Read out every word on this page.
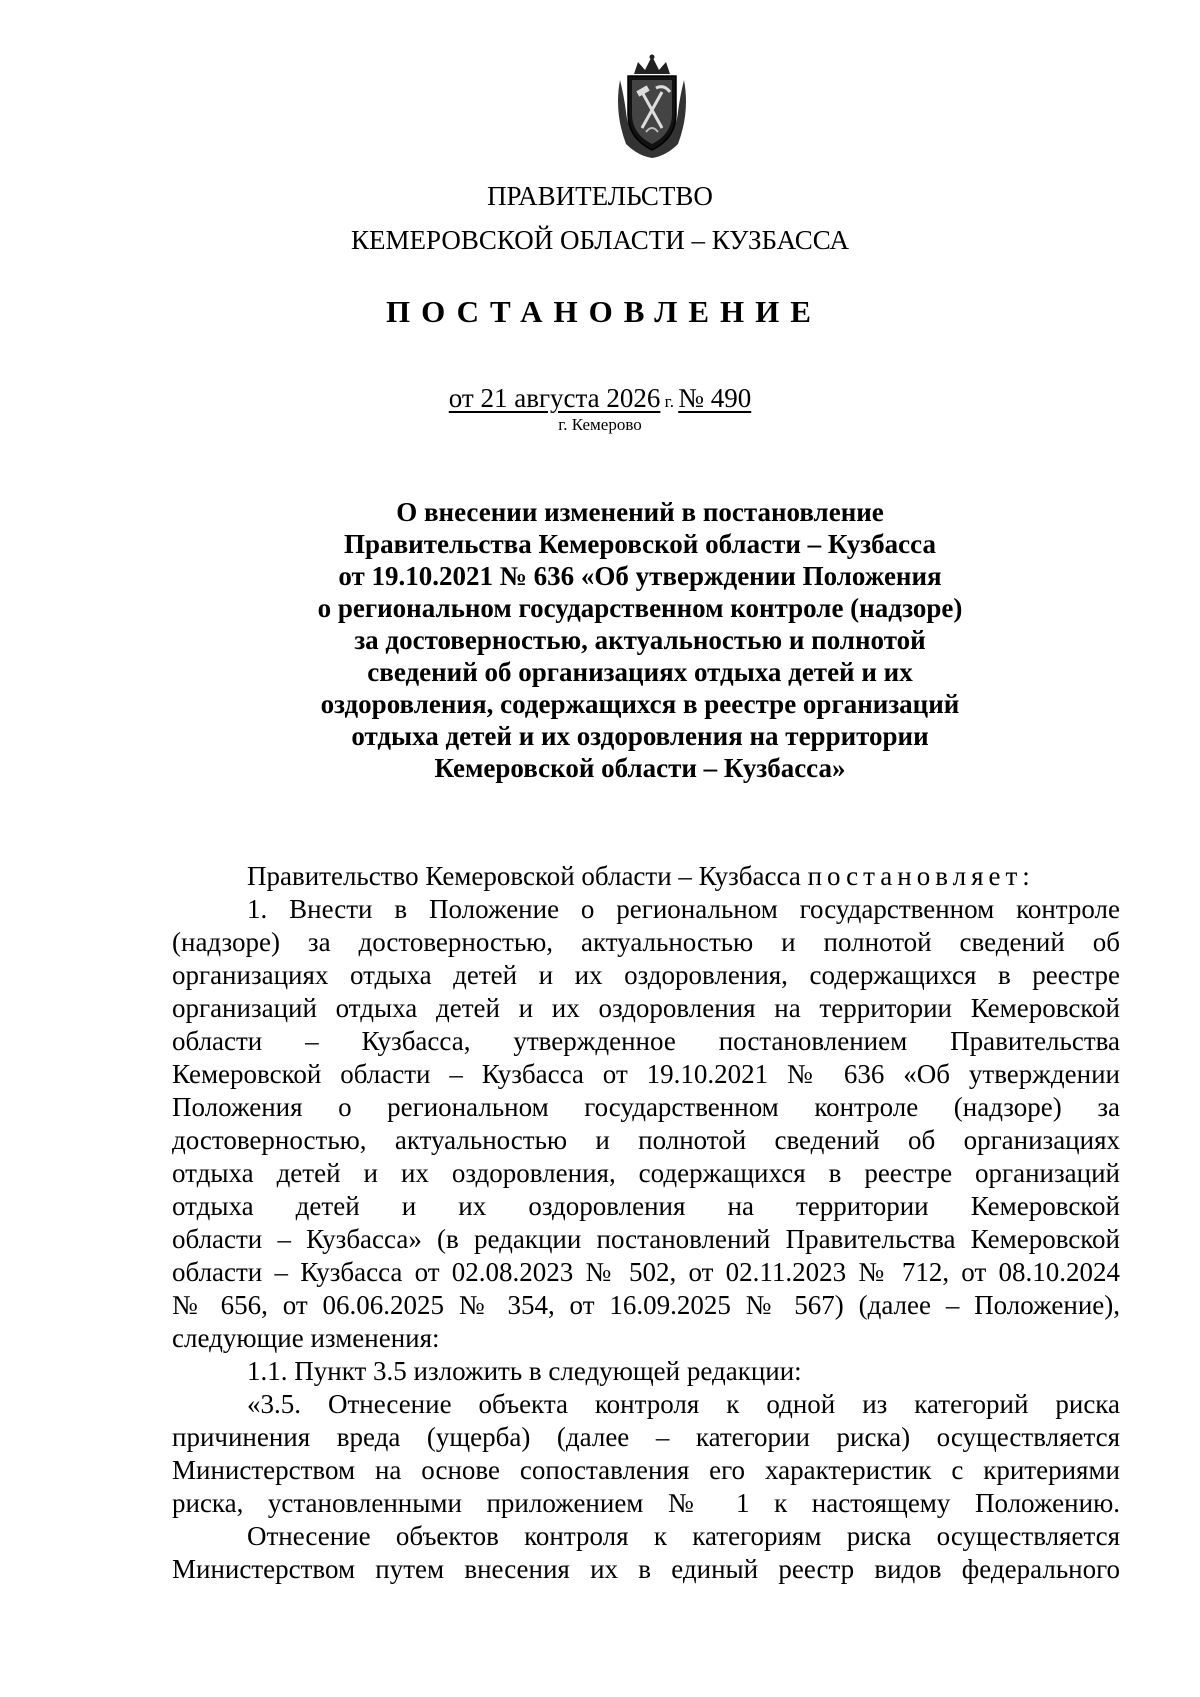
ПРАВИТЕЛЬСТВО
КЕМЕРОВСКОЙ ОБЛАСТИ – КУЗБАССА
ПОСТАНОВЛЕНИЕ
от 21 августа 2026 г. № 490
г. Кемерово
О внесении изменений в постановление
Правительства Кемеровской области – Кузбасса
от 19.10.2021 № 636 «Об утверждении Положения
о региональном государственном контроле (надзоре)
за достоверностью, актуальностью и полнотой
сведений об организациях отдыха детей и их
оздоровления, содержащихся в реестре организаций
отдыха детей и их оздоровления на территории
Кемеровской области – Кузбасса»
Правительство Кемеровской области – Кузбасса постановляет:
1. Внести в Положение о региональном государственном контроле
(надзоре) за достоверностью, актуальностью и полнотой сведений об
организациях отдыха детей и их оздоровления, содержащихся в реестре
организаций отдыха детей и их оздоровления на территории Кемеровской
области – Кузбасса, утвержденное постановлением Правительства
Кемеровской области – Кузбасса от 19.10.2021 № 636 «Об утверждении
Положения о региональном государственном контроле (надзоре) за
достоверностью, актуальностью и полнотой сведений об организациях
отдыха детей и их оздоровления, содержащихся в реестре организаций
отдыха детей и их оздоровления на территории Кемеровской
области – Кузбасса» (в редакции постановлений Правительства Кемеровской
области – Кузбасса от 02.08.2023 № 502, от 02.11.2023 № 712, от 08.10.2024
№ 656, от 06.06.2025 № 354, от 16.09.2025 № 567) (далее – Положение),
следующие изменения:
1.1. Пункт 3.5 изложить в следующей редакции:
«3.5. Отнесение объекта контроля к одной из категорий риска
причинения вреда (ущерба) (далее – категории риска) осуществляется
Министерством на основе сопоставления его характеристик с критериями
риска, установленными приложением № 1 к настоящему Положению.
Отнесение объектов контроля к категориям риска осуществляется
Министерством путем внесения их в единый реестр видов федерального
